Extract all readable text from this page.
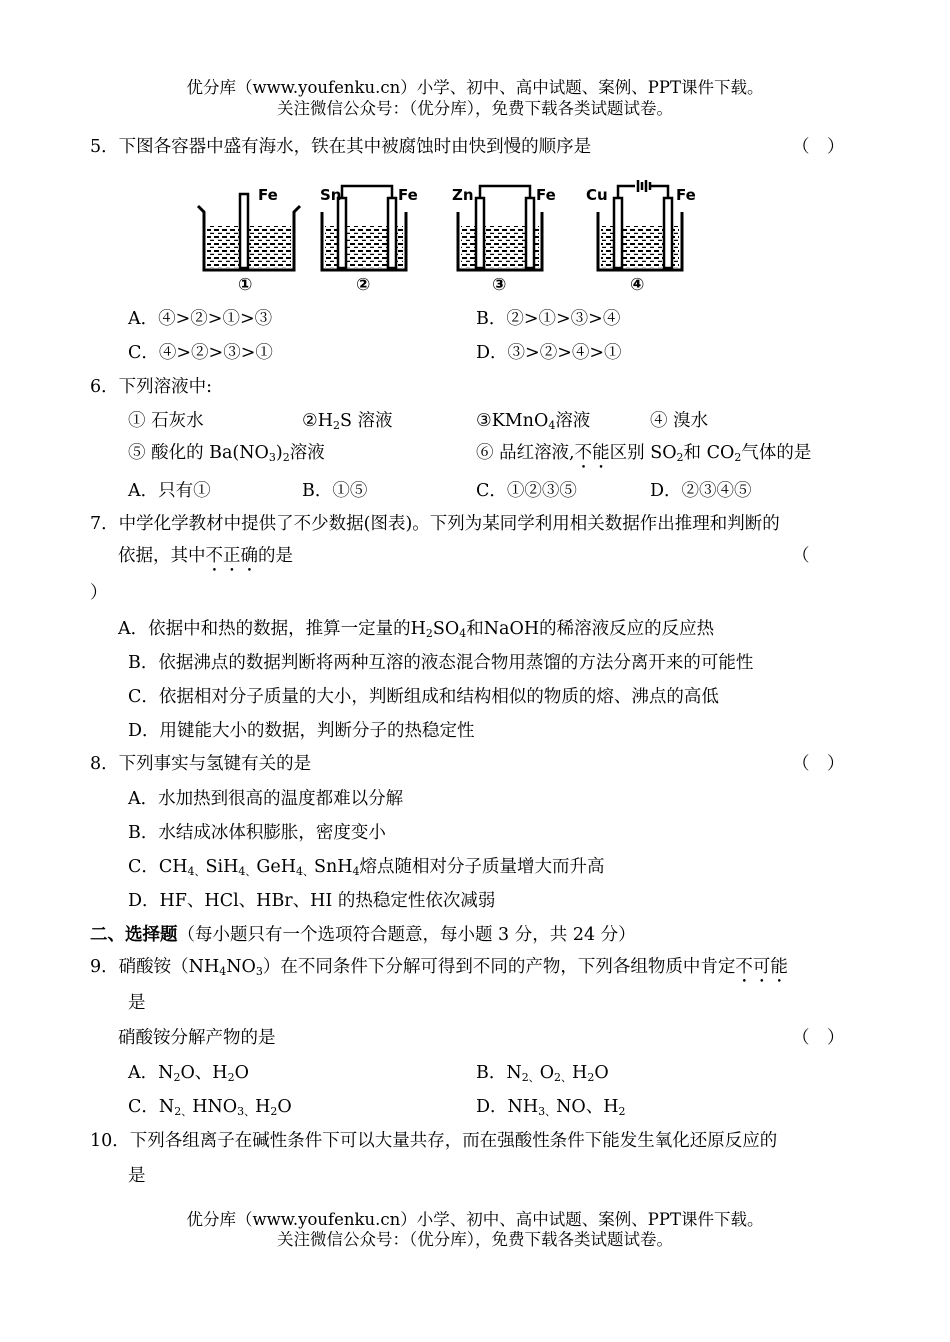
优分库（www.youfenku.cn）小学、初中、高中试题、案例、PPT课件下载。
关注微信公众号：（优分库），免费下载各类试题试卷。
5．下图各容器中盛有海水，铁在其中被腐蚀时由快到慢的顺序是	（　）
Fe
①
Sn	Fe
②
Zn	Fe
③
Cu	Fe
④
A．④>②>①>③	B．②>①>③>④
C．④>②>③>①	D．③>②>④>①
6．下列溶液中:
① 石灰水	$②H_2S$ 溶液	③KMnO$_4$溶液	④ 溴水
⑤ 酸化的 $Ba(NO_3)_2$溶液	⑥ 品红溶液,不能区别 $SO_2$和 $CO_2$气体的是
A．只有①	B．①⑤	C．①②③⑤	D．②③④⑤
7．中学化学教材中提供了不少数据(图表)。下列为某同学利用相关数据作出推理和判断的
依据，其中不正确的是	（
）
A．依据中和热的数据，推算一定量的$H_2SO_4$和NaOH的稀溶液反应的反应热
B．依据沸点的数据判断将两种互溶的液态混合物用蒸馏的方法分离开来的可能性
C．依据相对分子质量的大小，判断组成和结构相似的物质的熔、沸点的高低
D．用键能大小的数据，判断分子的热稳定性
8．下列事实与氢键有关的是	（　）
A．水加热到很高的温度都难以分解
B．水结成冰体积膨胀，密度变小
C．$CH_{4、}SiH_{4、}GeH_{4、}SnH_4$熔点随相对分子质量增大而升高
D．HF、HCl、HBr、HI 的热稳定性依次减弱
二、选择题（每小题只有一个选项符合题意，每小题 3 分，共 24 分）
9．硝酸铵$(NH_4NO_3)$在不同条件下分解可得到不同的产物，下列各组物质中肯定不可能
是
硝酸铵分解产物的是	（　）
A．$N_2O$、$H_2O$	B．$N_{2、}O_{2、}H_2O$
C．$N_{2、}HNO_{3、}H_2O$	D．$NH_{3、}NO$、$H_2$
10．下列各组离子在碱性条件下可以大量共存，而在强酸性条件下能发生氧化还原反应的
是
优分库（www.youfenku.cn）小学、初中、高中试题、案例、PPT课件下载。
关注微信公众号：（优分库），免费下载各类试题试卷。
